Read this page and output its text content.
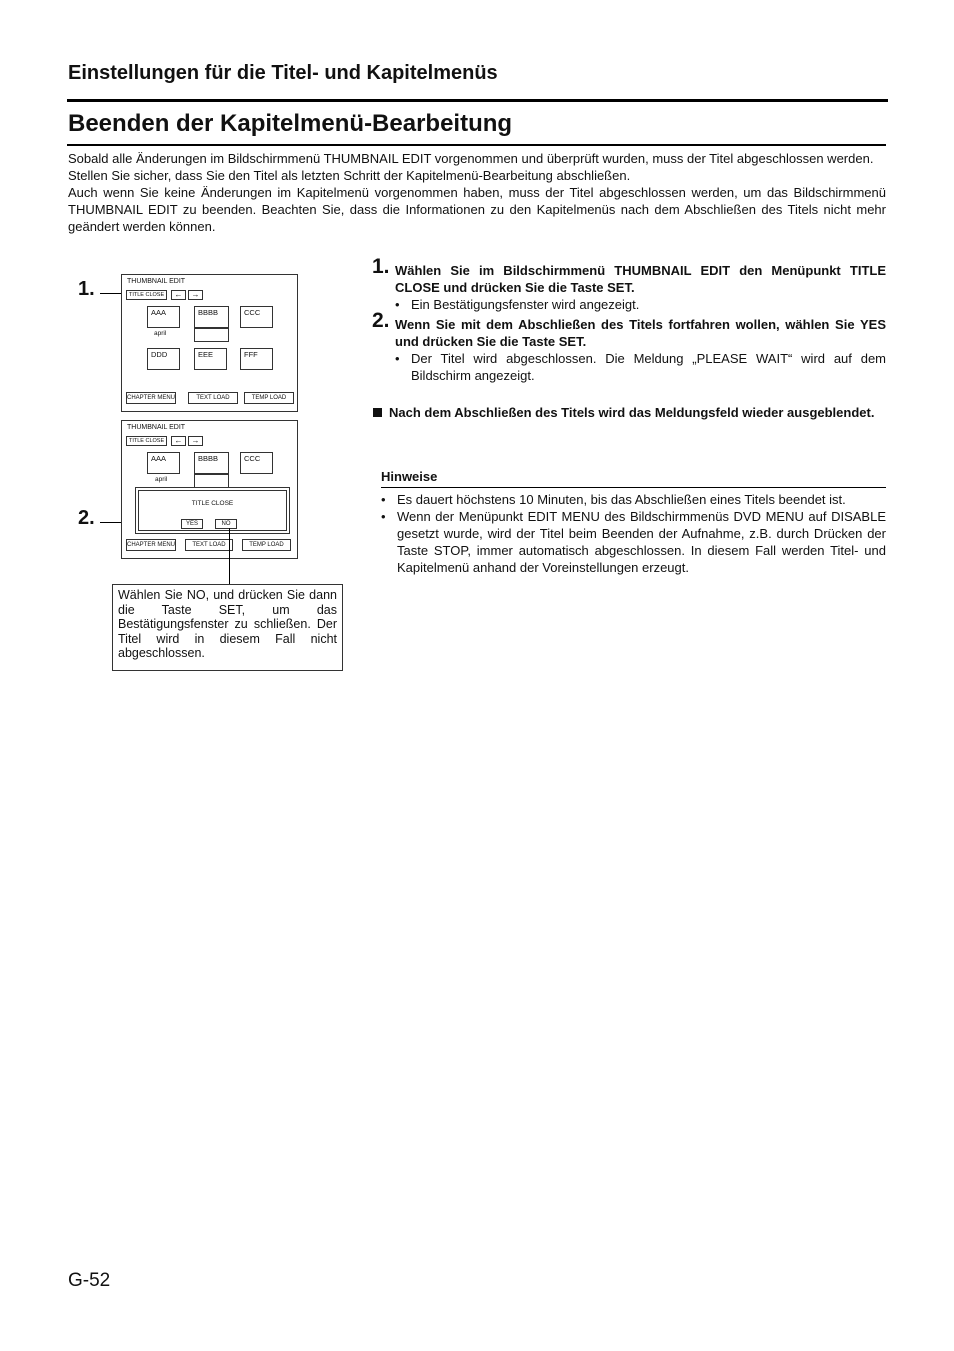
Einstellungen für die Titel- und Kapitelmenüs
Beenden der Kapitelmenü-Bearbeitung

Sobald alle Änderungen im Bildschirmmenü THUMBNAIL EDIT vorgenommen und überprüft wurden, muss der Titel abgeschlossen werden.

Stellen Sie sicher, dass Sie den Titel als letzten Schritt der Kapitelmenü-Bearbeitung abschließen.

Auch wenn Sie keine Änderungen im Kapitelmenü vorgenommen haben, muss der Titel abgeschlossen werden, um das Bildschirmmenü THUMBNAIL EDIT zu beenden. Beachten Sie, dass die Informationen zu den Kapitelmenüs nach dem Abschließen des Titels nicht mehr geändert werden können.

1.	THUMBNAIL EDIT
TITLE CLOSE	←	→
AAA
april
BBBB	CCC
DDD	EEE	FFF
CHAPTER MENU	TEXT LOAD	TEMP LOAD
2.
THUMBNAIL EDIT
TITLE CLOSE	←	→
AAA
april
BBBB	CCC
TITLE CLOSE
YES	NO
CHAPTER MENU	TEXT LOAD	TEMP LOAD
Wählen Sie NO, und drücken Sie dann die Taste SET, um das Bestätigungsfenster zu schließen. Der Titel wird in diesem Fall nicht abgeschlossen.
1. Wählen Sie im Bildschirmmenü THUMBNAIL EDIT den Menüpunkt TITLE CLOSE und drücken Sie die Taste SET.
• Ein Bestätigungsfenster wird angezeigt.
2. Wenn Sie mit dem Abschließen des Titels fortfahren wollen, wählen Sie YES und drücken Sie die Taste SET.
• Der Titel wird abgeschlossen. Die Meldung „PLEASE WAIT“ wird auf dem Bildschirm angezeigt.
Nach dem Abschließen des Titels wird das Meldungsfeld wieder ausgeblendet.
Hinweise
• Es dauert höchstens 10 Minuten, bis das Abschließen eines Titels beendet ist.
• Wenn der Menüpunkt EDIT MENU des Bildschirmmenüs DVD MENU auf DISABLE gesetzt wurde, wird der Titel beim Beenden der Aufnahme, z.B. durch Drücken der Taste STOP, immer automatisch abgeschlossen. In diesem Fall werden Titel- und Kapitelmenü anhand der Voreinstellungen erzeugt.
G-52
